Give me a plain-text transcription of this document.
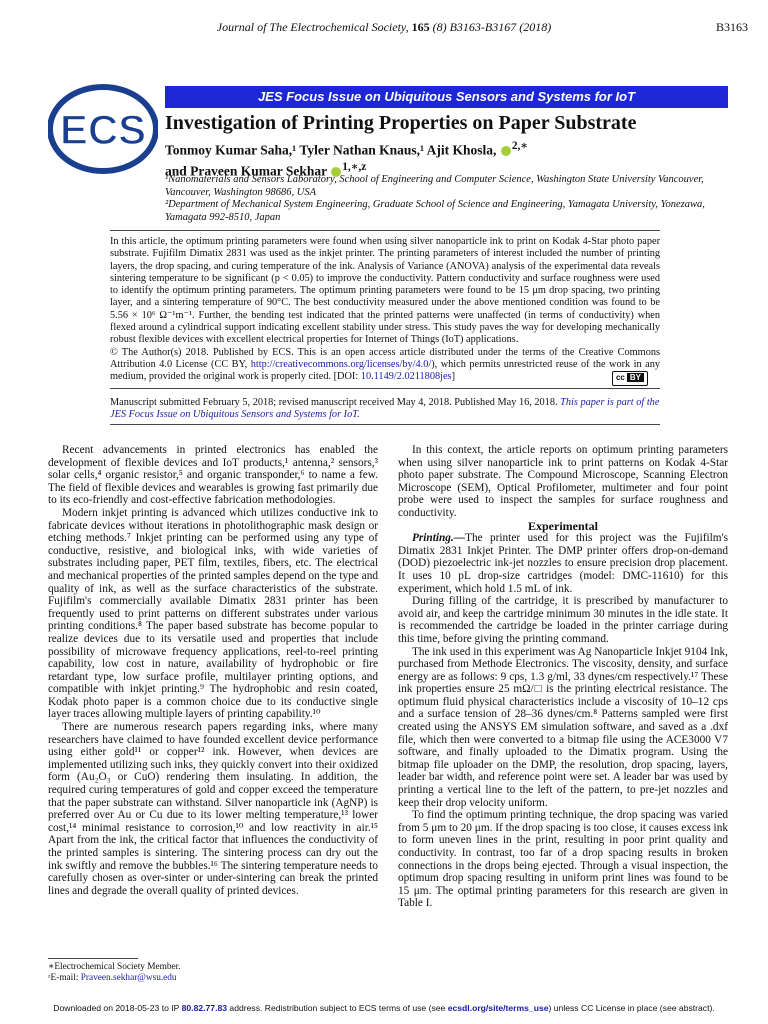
Journal of The Electrochemical Society, 165 (8) B3163-B3167 (2018)	B3163
ECS
JES Focus Issue on Ubiquitous Sensors and Systems for IoT
Investigation of Printing Properties on Paper Substrate
Tonmoy Kumar Saha,¹ Tyler Nathan Knaus,¹ Ajit Khosla, $^{2,∗}$
and Praveen Kumar Sekhar $^{1,∗,z}$
¹Nanomaterials and Sensors Laboratory, School of Engineering and Computer Science, Washington State University Vancouver, Vancouver, Washington 98686, USA
²Department of Mechanical System Engineering, Graduate School of Science and Engineering, Yamagata University, Yonezawa, Yamagata 992-8510, Japan
In this article, the optimum printing parameters were found when using silver nanoparticle ink to print on Kodak 4-Star photo paper substrate. Fujifilm Dimatix 2831 was used as the inkjet printer. The printing parameters of interest included the number of printing layers, the drop spacing, and curing temperature of the ink. Analysis of Variance (ANOVA) analysis of the experimental data reveals sintering temperature to be significant (p < 0.05) to improve the conductivity. Pattern conductivity and surface roughness were used to identify the optimum printing parameters. The optimum printing parameters were found to be 15 μm drop spacing, two printing layer, and a sintering temperature of 90°C. The best conductivity measured under the above mentioned condition was found to be 5.56 × 10⁶ Ω⁻¹m⁻¹. Further, the bending test indicated that the printed patterns were unaffected (in terms of conductivity) when flexed around a cylindrical support indicating excellent stability under stress. This study paves the way for developing mechanically robust flexible devices with excellent electrical properties for Internet of Things (IoT) applications.
© The Author(s) 2018. Published by ECS. This is an open access article distributed under the terms of the Creative Commons Attribution 4.0 License (CC BY, http://creativecommons.org/licenses/by/4.0/), which permits unrestricted reuse of the work in any medium, provided the original work is properly cited. [DOI: 10.1149/2.0211808jes]	cc BY
Manuscript submitted February 5, 2018; revised manuscript received May 4, 2018. Published May 16, 2018. This paper is part of the JES Focus Issue on Ubiquitous Sensors and Systems for IoT.

Recent advancements in printed electronics has enabled the development of flexible devices and IoT products,¹ antenna,² sensors,³ solar cells,⁴ organic resistor,⁵ and organic transponder,⁶ to name a few. The field of flexible devices and wearables is growing fast primarily due to its eco-friendly and cost-effective fabrication methodologies.

Modern inkjet printing is advanced which utilizes conductive ink to fabricate devices without iterations in photolithographic mask design or etching methods.⁷ Inkjet printing can be performed using any type of conductive, resistive, and biological inks, with wide varieties of substrates including paper, PET film, textiles, fibers, etc. The electrical and mechanical properties of the printed samples depend on the type and quality of ink, as well as the surface characteristics of the substrate. Fujifilm's commercially available Dimatix 2831 printer has been frequently used to print patterns on different substrates under various printing conditions.⁸ The paper based substrate has become popular to realize devices due to its versatile used and properties that include possibility of microwave frequency applications, reel-to-reel printing capability, low cost in nature, availability of hydrophobic or fire retardant type, low surface profile, multilayer printing options, and compatible with inkjet printing.⁹ The hydrophobic and resin coated, Kodak photo paper is a common choice due to its conductive single layer traces allowing multiple layers of printing capability.¹⁰

There are numerous research papers regarding inks, where many researchers have claimed to have founded excellent device performance using either gold¹¹ or copper¹² ink. However, when devices are implemented utilizing such inks, they quickly convert into their oxidized form (Au₂O₃ or CuO) rendering them insulating. In addition, the required curing temperatures of gold and copper exceed the temperature that the paper substrate can withstand. Silver nanoparticle ink (AgNP) is preferred over Au or Cu due to its lower melting temperature,¹³ lower cost,¹⁴ minimal resistance to corrosion,¹⁰ and low reactivity in air.¹⁵ Apart from the ink, the critical factor that influences the conductivity of the printed samples is sintering. The sintering process can dry out the ink swiftly and remove the bubbles.¹⁶ The sintering temperature needs to carefully chosen as over-sinter or under-sintering can break the printed lines and degrade the overall quality of printed devices.

In this context, the article reports on optimum printing parameters when using silver nanoparticle ink to print patterns on Kodak 4-Star photo paper substrate. The Compound Microscope, Scanning Electron Microscope (SEM), Optical Profilometer, multimeter and four point probe were used to inspect the samples for surface roughness and conductivity.

Experimental

Printing.—The printer used for this project was the Fujifilm's Dimatix 2831 Inkjet Printer. The DMP printer offers drop-on-demand (DOD) piezoelectric ink-jet nozzles to ensure precision drop placement. It uses 10 pL drop-size cartridges (model: DMC-11610) for this experiment, which hold 1.5 mL of ink.

During filling of the cartridge, it is prescribed by manufacturer to avoid air, and keep the cartridge minimum 30 minutes in the idle state. It is recommended the cartridge be loaded in the printer carriage during this time, before giving the printing command.

The ink used in this experiment was Ag Nanoparticle Inkjet 9104 Ink, purchased from Methode Electronics. The viscosity, density, and surface energy are as follows: 9 cps, 1.3 g/ml, 33 dynes/cm respectively.¹⁷ These ink properties ensure 25 mΩ/□ is the printing electrical resistance. The optimum fluid physical characteristics include a viscosity of 10–12 cps and a surface tension of 28–36 dynes/cm.⁸ Patterns sampled were first created using the ANSYS EM simulation software, and saved as a .dxf file, which then were converted to a bitmap file using the ACE3000 V7 software, and finally uploaded to the Dimatix program. Using the bitmap file uploader on the DMP, the resolution, drop spacing, layers, leader bar width, and reference point were set. A leader bar was used by printing a vertical line to the left of the pattern, to pre-jet nozzles and keep their drop velocity uniform.

To find the optimum printing technique, the drop spacing was varied from 5 μm to 20 μm. If the drop spacing is too close, it causes excess ink to form uneven lines in the print, resulting in poor print quality and conductivity. In contrast, too far of a drop spacing results in broken connections in the drops being ejected. Through a visual inspection, the optimum drop spacing resulting in uniform print lines was found to be 15 μm. The optimal printing parameters for this research are given in Table I.

∗Electrochemical Society Member.
ᶻE-mail: Praveen.sekhar@wsu.edu
Downloaded on 2018-05-23 to IP 80.82.77.83 address. Redistribution subject to ECS terms of use (see ecsdl.org/site/terms_use) unless CC License in place (see abstract).
